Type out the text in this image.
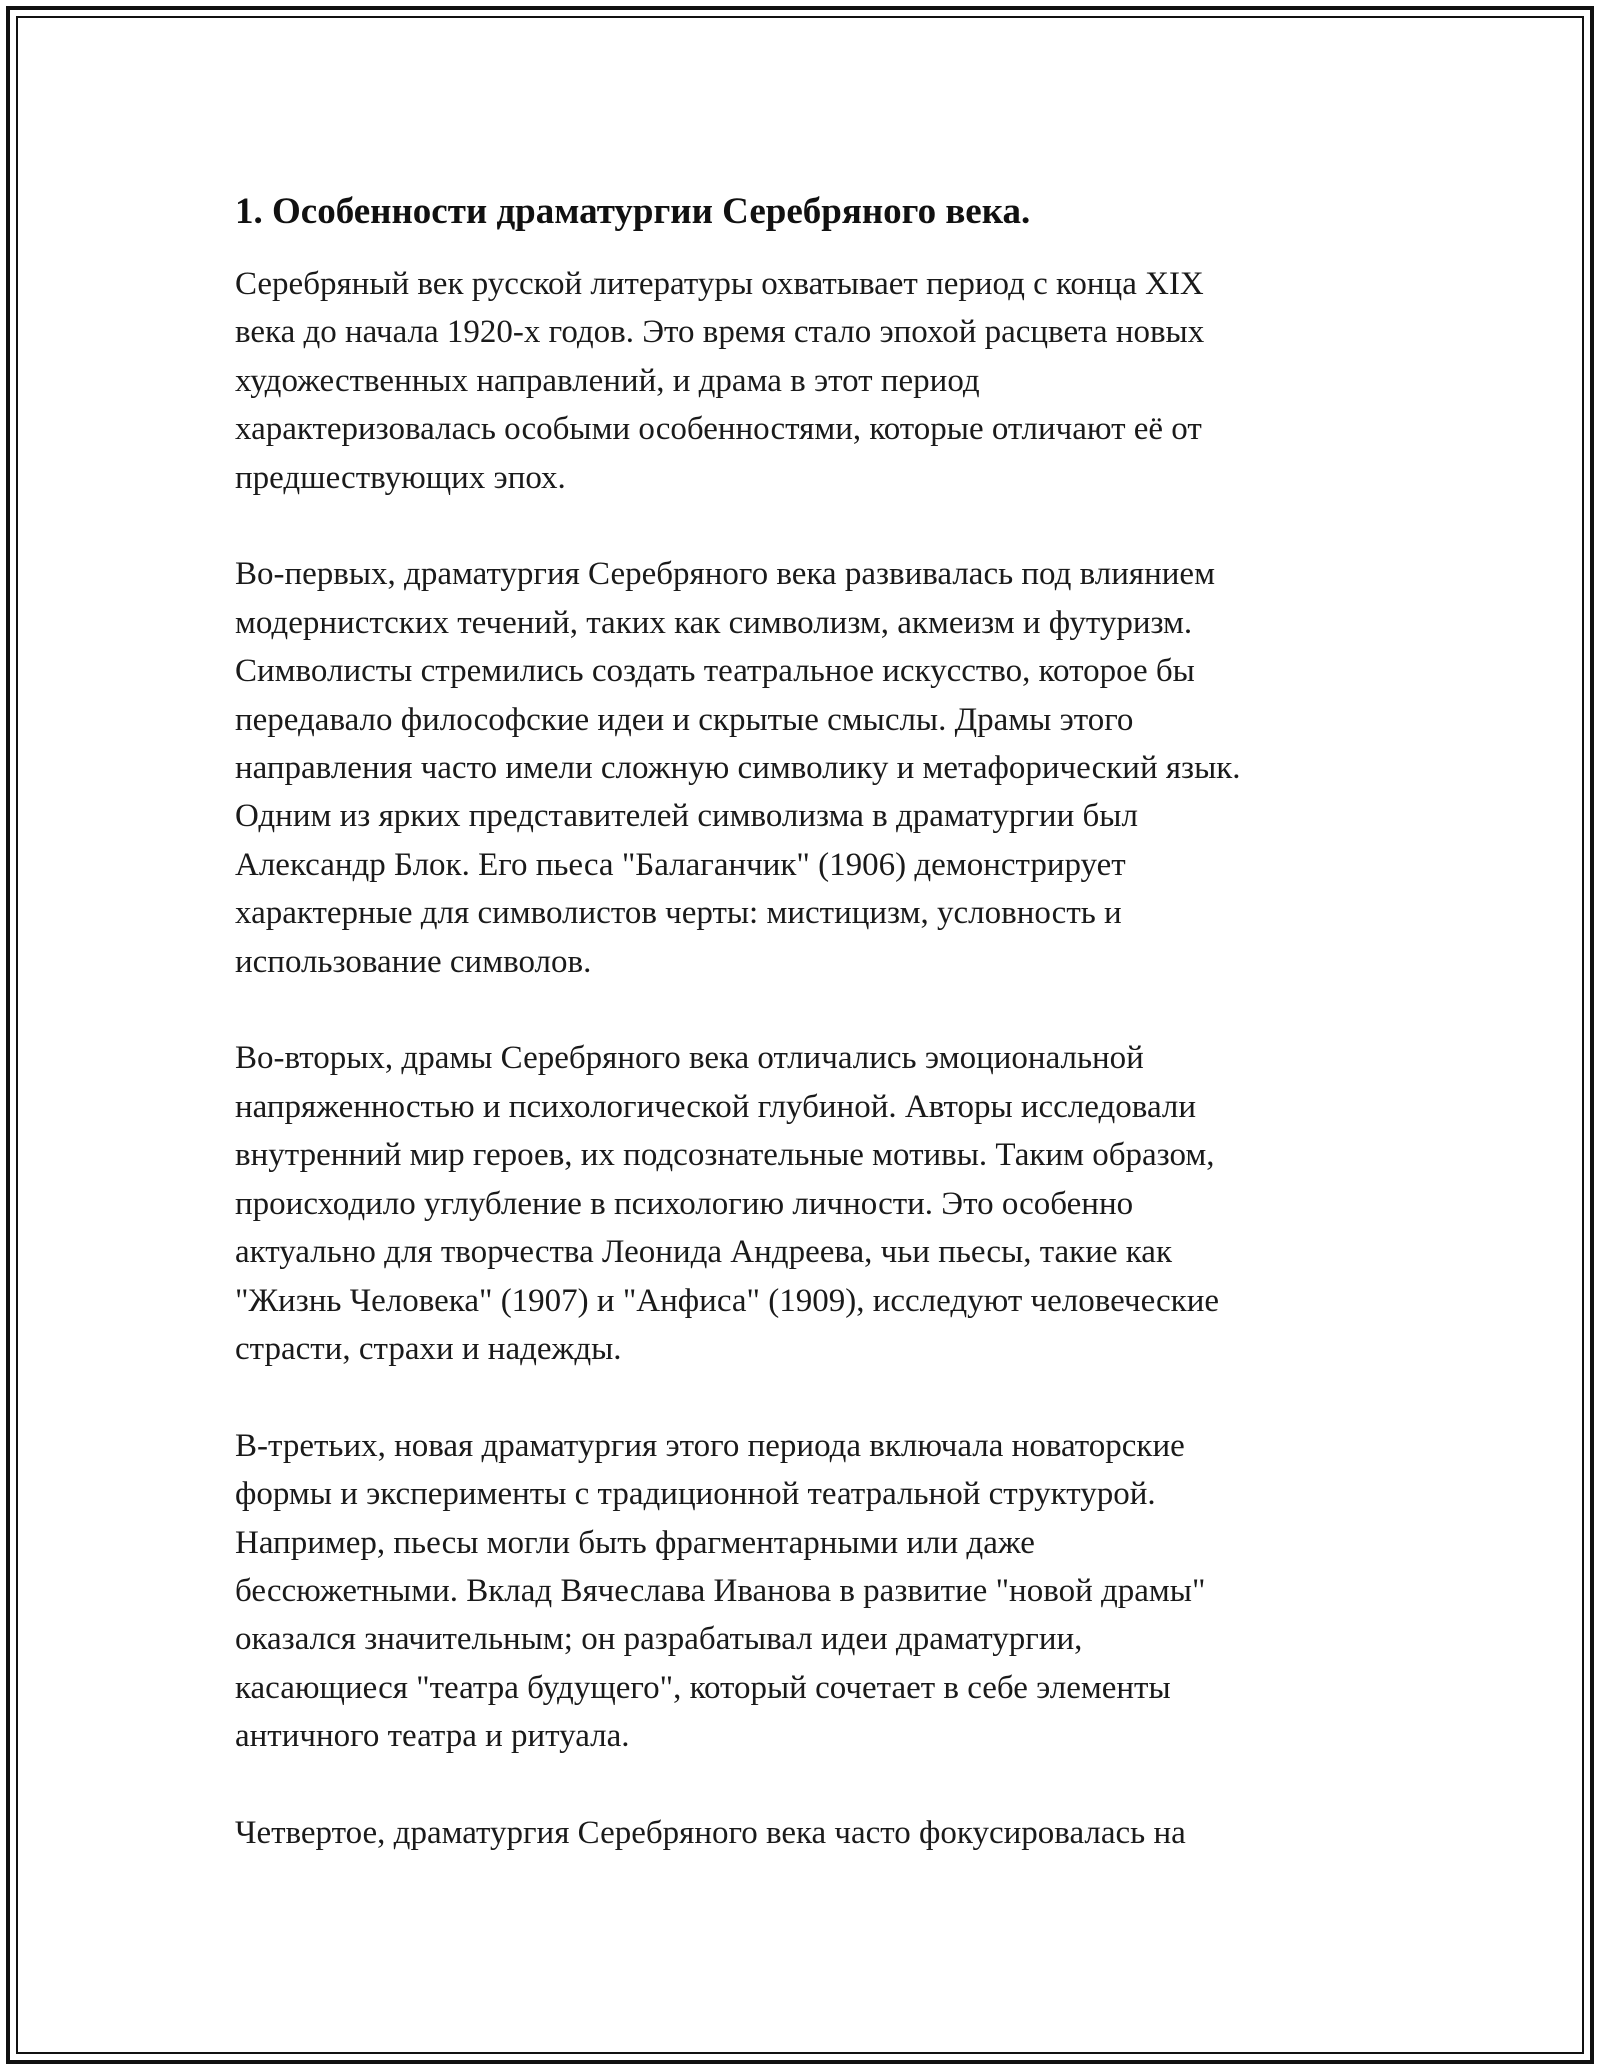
1. Особенности драматургии Серебряного века.
Серебряный век русской литературы охватывает период с конца XIX
века до начала 1920-х годов. Это время стало эпохой расцвета новых
художественных направлений, и драма в этот период
характеризовалась особыми особенностями, которые отличают её от
предшествующих эпох.
Во-первых, драматургия Серебряного века развивалась под влиянием
модернистских течений, таких как символизм, акмеизм и футуризм.
Символисты стремились создать театральное искусство, которое бы
передавало философские идеи и скрытые смыслы. Драмы этого
направления часто имели сложную символику и метафорический язык.
Одним из ярких представителей символизма в драматургии был
Александр Блок. Его пьеса "Балаганчик" (1906) демонстрирует
характерные для символистов черты: мистицизм, условность и
использование символов.
Во-вторых, драмы Серебряного века отличались эмоциональной
напряженностью и психологической глубиной. Авторы исследовали
внутренний мир героев, их подсознательные мотивы. Таким образом,
происходило углубление в психологию личности. Это особенно
актуально для творчества Леонида Андреева, чьи пьесы, такие как
"Жизнь Человека" (1907) и "Анфиса" (1909), исследуют человеческие
страсти, страхи и надежды.
В-третьих, новая драматургия этого периода включала новаторские
формы и эксперименты с традиционной театральной структурой.
Например, пьесы могли быть фрагментарными или даже
бессюжетными. Вклад Вячеслава Иванова в развитие "новой драмы"
оказался значительным; он разрабатывал идеи драматургии,
касающиеся "театра будущего", который сочетает в себе элементы
античного театра и ритуала.
Четвертое, драматургия Серебряного века часто фокусировалась на
